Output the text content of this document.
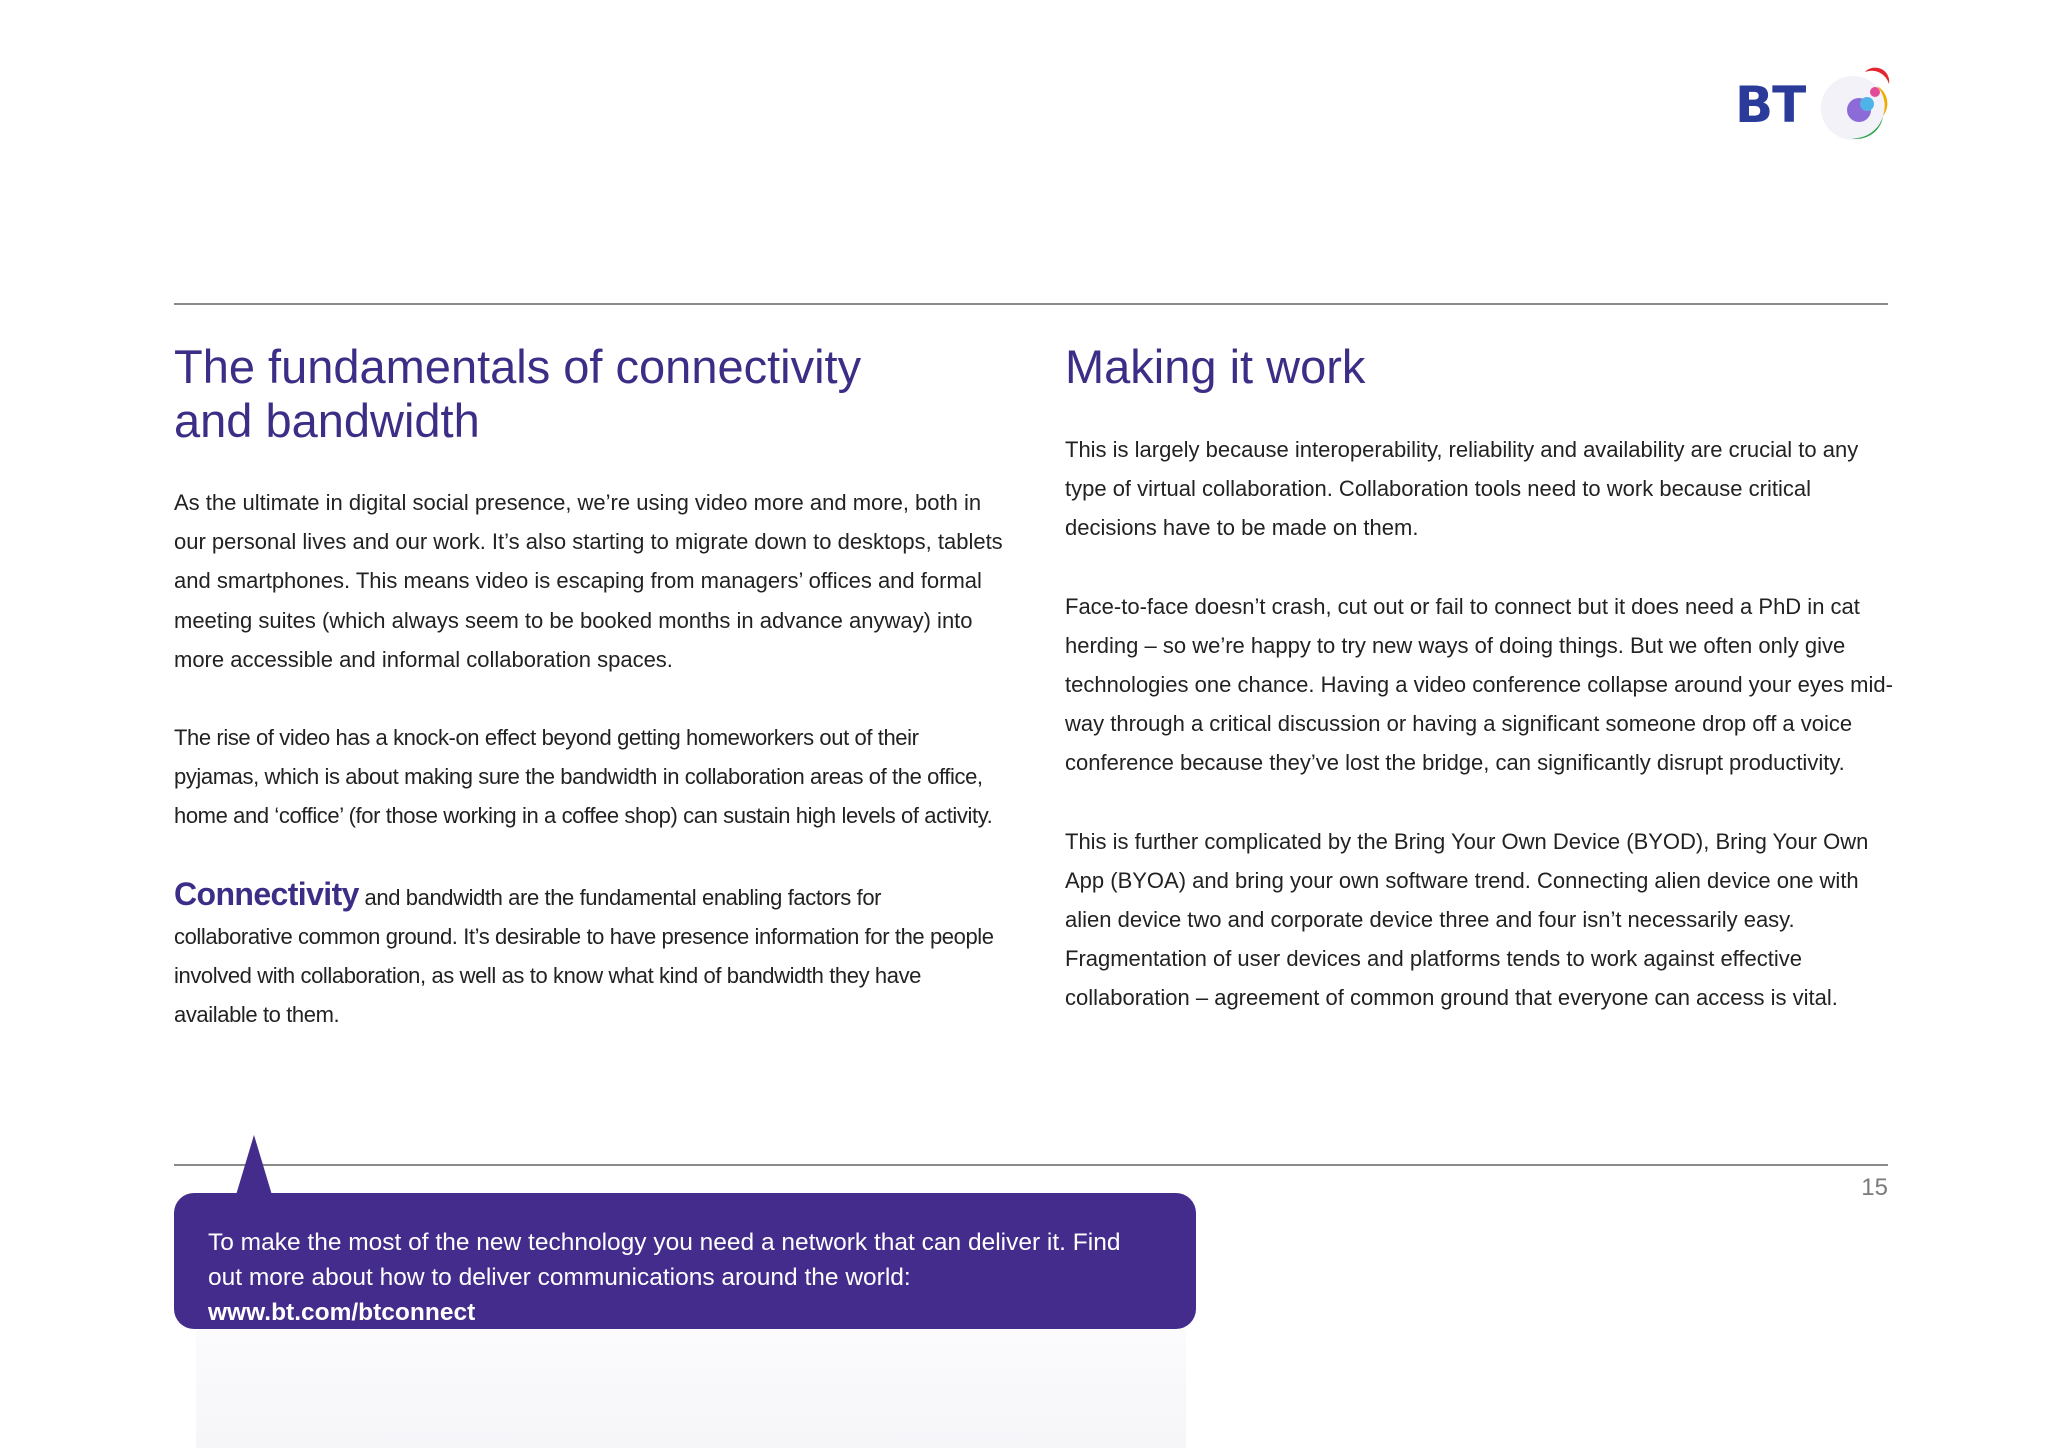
BT
The fundamentals of connectivity
and bandwidth

As the ultimate in digital social presence, we’re using video more and more, both in our personal lives and our work. It’s also starting to migrate down to desktops, tablets and smartphones. This means video is escaping from managers’ offices and formal meeting suites (which always seem to be booked months in advance anyway) into more accessible and informal collaboration spaces.

The rise of video has a knock-on effect beyond getting homeworkers out of their pyjamas, which is about making sure the bandwidth in collaboration areas of the office, home and ‘coffice’ (for those working in a coffee shop) can sustain high levels of activity.

Connectivity and bandwidth are the fundamental enabling factors for collaborative common ground. It’s desirable to have presence information for the people involved with collaboration, as well as to know what kind of bandwidth they have available to them.

Making it work

This is largely because interoperability, reliability and availability are crucial to any type of virtual collaboration. Collaboration tools need to work because critical decisions have to be made on them.

Face-to-face doesn’t crash, cut out or fail to connect but it does need a PhD in cat herding – so we’re happy to try new ways of doing things. But we often only give technologies one chance. Having a video conference collapse around your eyes mid-way through a critical discussion or having a significant someone drop off a voice conference because they’ve lost the bridge, can significantly disrupt productivity.

This is further complicated by the Bring Your Own Device (BYOD), Bring Your Own App (BYOA) and bring your own software trend. Connecting alien device one with alien device two and corporate device three and four isn’t necessarily easy. Fragmentation of user devices and platforms tends to work against effective collaboration – agreement of common ground that everyone can access is vital.

15
To make the most of the new technology you need a network that can deliver it. Find out more about how to deliver communications around the world: www.bt.com/btconnect
